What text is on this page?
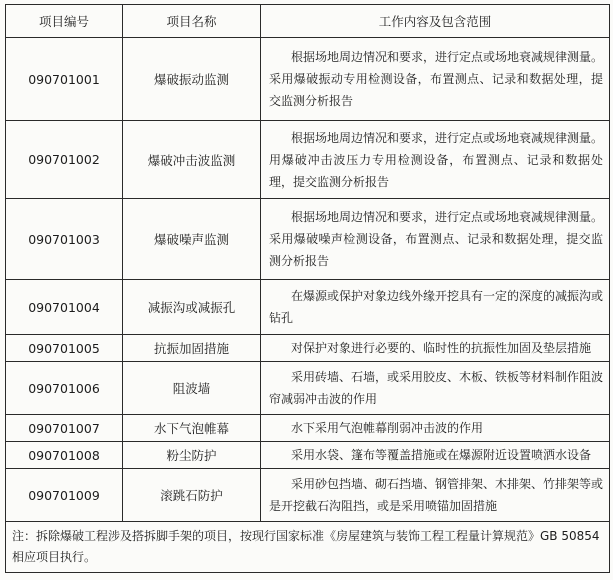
项目编号	项目名称	工作内容及包含范围
090701001	爆破振动监测	根据场地周边情况和要求，进行定点或场地衰减规律测量。采用爆破振动专用检测设备，布置测点、记录和数据处理，提交监测分析报告
090701002	爆破冲击波监测	根据场地周边情况和要求，进行定点或场地衰减规律测量。用爆破冲击波压力专用检测设备，布置测点、记录和数据处理，提交监测分析报告
090701003	爆破噪声监测	根据场地周边情况和要求，进行定点或场地衰减规律测量。采用爆破噪声检测设备，布置测点、记录和数据处理，提交监测分析报告
090701004	减振沟或减振孔	在爆源或保护对象边线外缘开挖具有一定的深度的减振沟或钻孔
090701005	抗振加固措施	对保护对象进行必要的、临时性的抗振性加固及垫层措施
090701006	阻波墙	采用砖墙、石墙，或采用胶皮、木板、铁板等材料制作阻波帘减弱冲击波的作用
090701007	水下气泡帷幕	水下采用气泡帷幕削弱冲击波的作用
090701008	粉尘防护	采用水袋、篷布等覆盖措施或在爆源附近设置喷洒水设备
090701009	滚跳石防护	采用砂包挡墙、砌石挡墙、钢管排架、木排架、竹排架等或是开挖截石沟阻挡，或是采用喷锚加固措施
注：拆除爆破工程涉及搭拆脚手架的项目，按现行国家标准《房屋建筑与装饰工程工程量计算规范》GB 50854 相应项目执行。		
